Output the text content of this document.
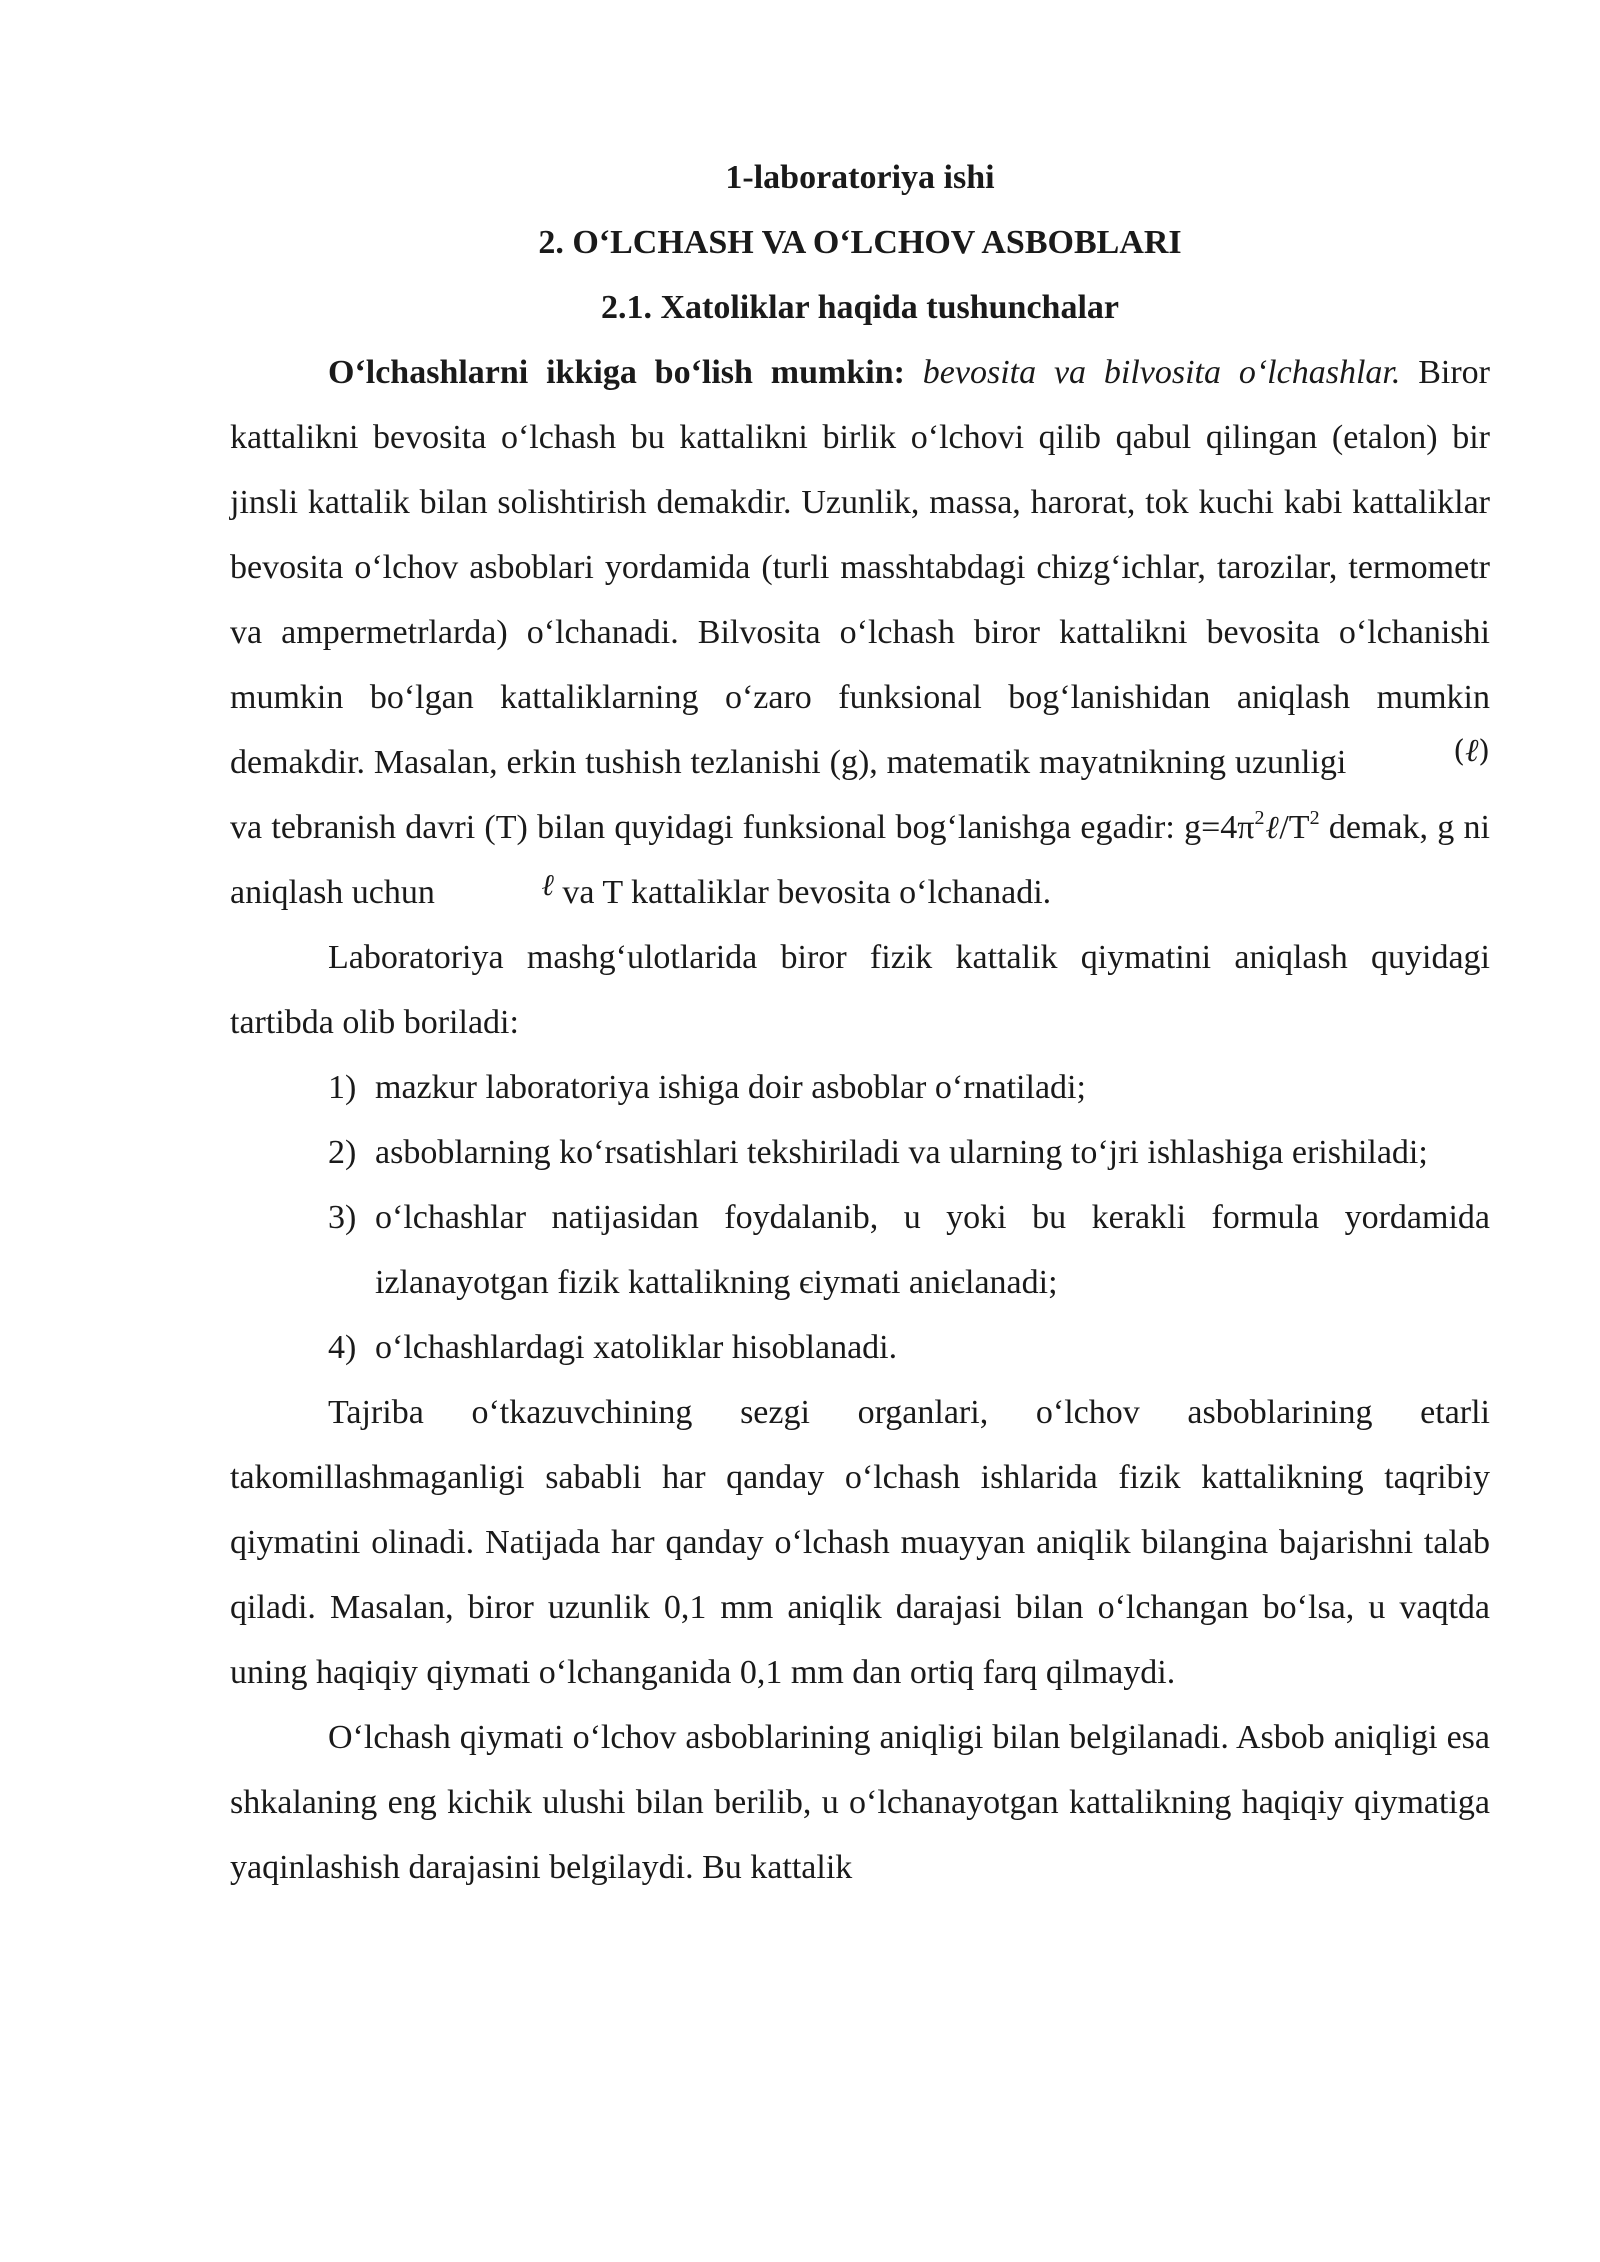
1-laboratoriya ishi

2. O‘LCHASH VA O‘LCHOV ASBOBLARI

2.1. Xatoliklar haqida tushunchalar

O‘lchashlarni ikkiga bo‘lish mumkin: bevosita va bilvosita o‘lchashlar. Biror kattalikni bevosita o‘lchash bu kattalikni birlik o‘lchovi qilib qabul qilingan (etalon) bir jinsli kattalik bilan solishtirish demakdir. Uzunlik, massa, harorat, tok kuchi kabi kattaliklar bevosita o‘lchov asboblari yordamida (turli masshtabdagi chizg‘ichlar, tarozilar, termometr va ampermetrlarda) o‘lchanadi. Bilvosita o‘lchash biror kattalikni bevosita o‘lchanishi mumkin bo‘lgan kattaliklarning o‘zaro funksional bog‘lanishidan aniqlash mumkin demakdir. Masalan, erkin tushish tezlanishi (g), matematik mayatnikning uzunligi	(ℓ) va tebranish davri (T) bilan quyidagi funksional bog‘lanishga egadir: $g=4\pi^2\ell/T^2$ demak, g ni aniqlash uchun	ℓ va T kattaliklar bevosita o‘lchanadi.

Laboratoriya mashg‘ulotlarida biror fizik kattalik qiymatini aniqlash quyidagi tartibda olib boriladi:

1) mazkur laboratoriya ishiga doir asboblar o‘rnatiladi;
2) asboblarning ko‘rsatishlari tekshiriladi va ularning to‘jri ishlashiga erishiladi;
3) o‘lchashlar natijasidan foydalanib, u yoki bu kerakli formula yordamida izlanayotgan fizik kattalikning єiymati aniєlanadi;
4) o‘lchashlardagi xatoliklar hisoblanadi.

Tajriba o‘tkazuvchining sezgi organlari, o‘lchov asboblarining etarli takomillashmaganligi sababli har qanday o‘lchash ishlarida fizik kattalikning taqribiy qiymatini olinadi. Natijada har qanday o‘lchash muayyan aniqlik bilangina bajarishni talab qiladi. Masalan, biror uzunlik 0,1 mm aniqlik darajasi bilan o‘lchangan bo‘lsa, u vaqtda uning haqiqiy qiymati o‘lchanganida 0,1 mm dan ortiq farq qilmaydi.

O‘lchash qiymati o‘lchov asboblarining aniqligi bilan belgilanadi. Asbob aniqligi esa shkalaning eng kichik ulushi bilan berilib, u o‘lchanayotgan kattalikning haqiqiy qiymatiga yaqinlashish darajasini belgilaydi. Bu kattalik
